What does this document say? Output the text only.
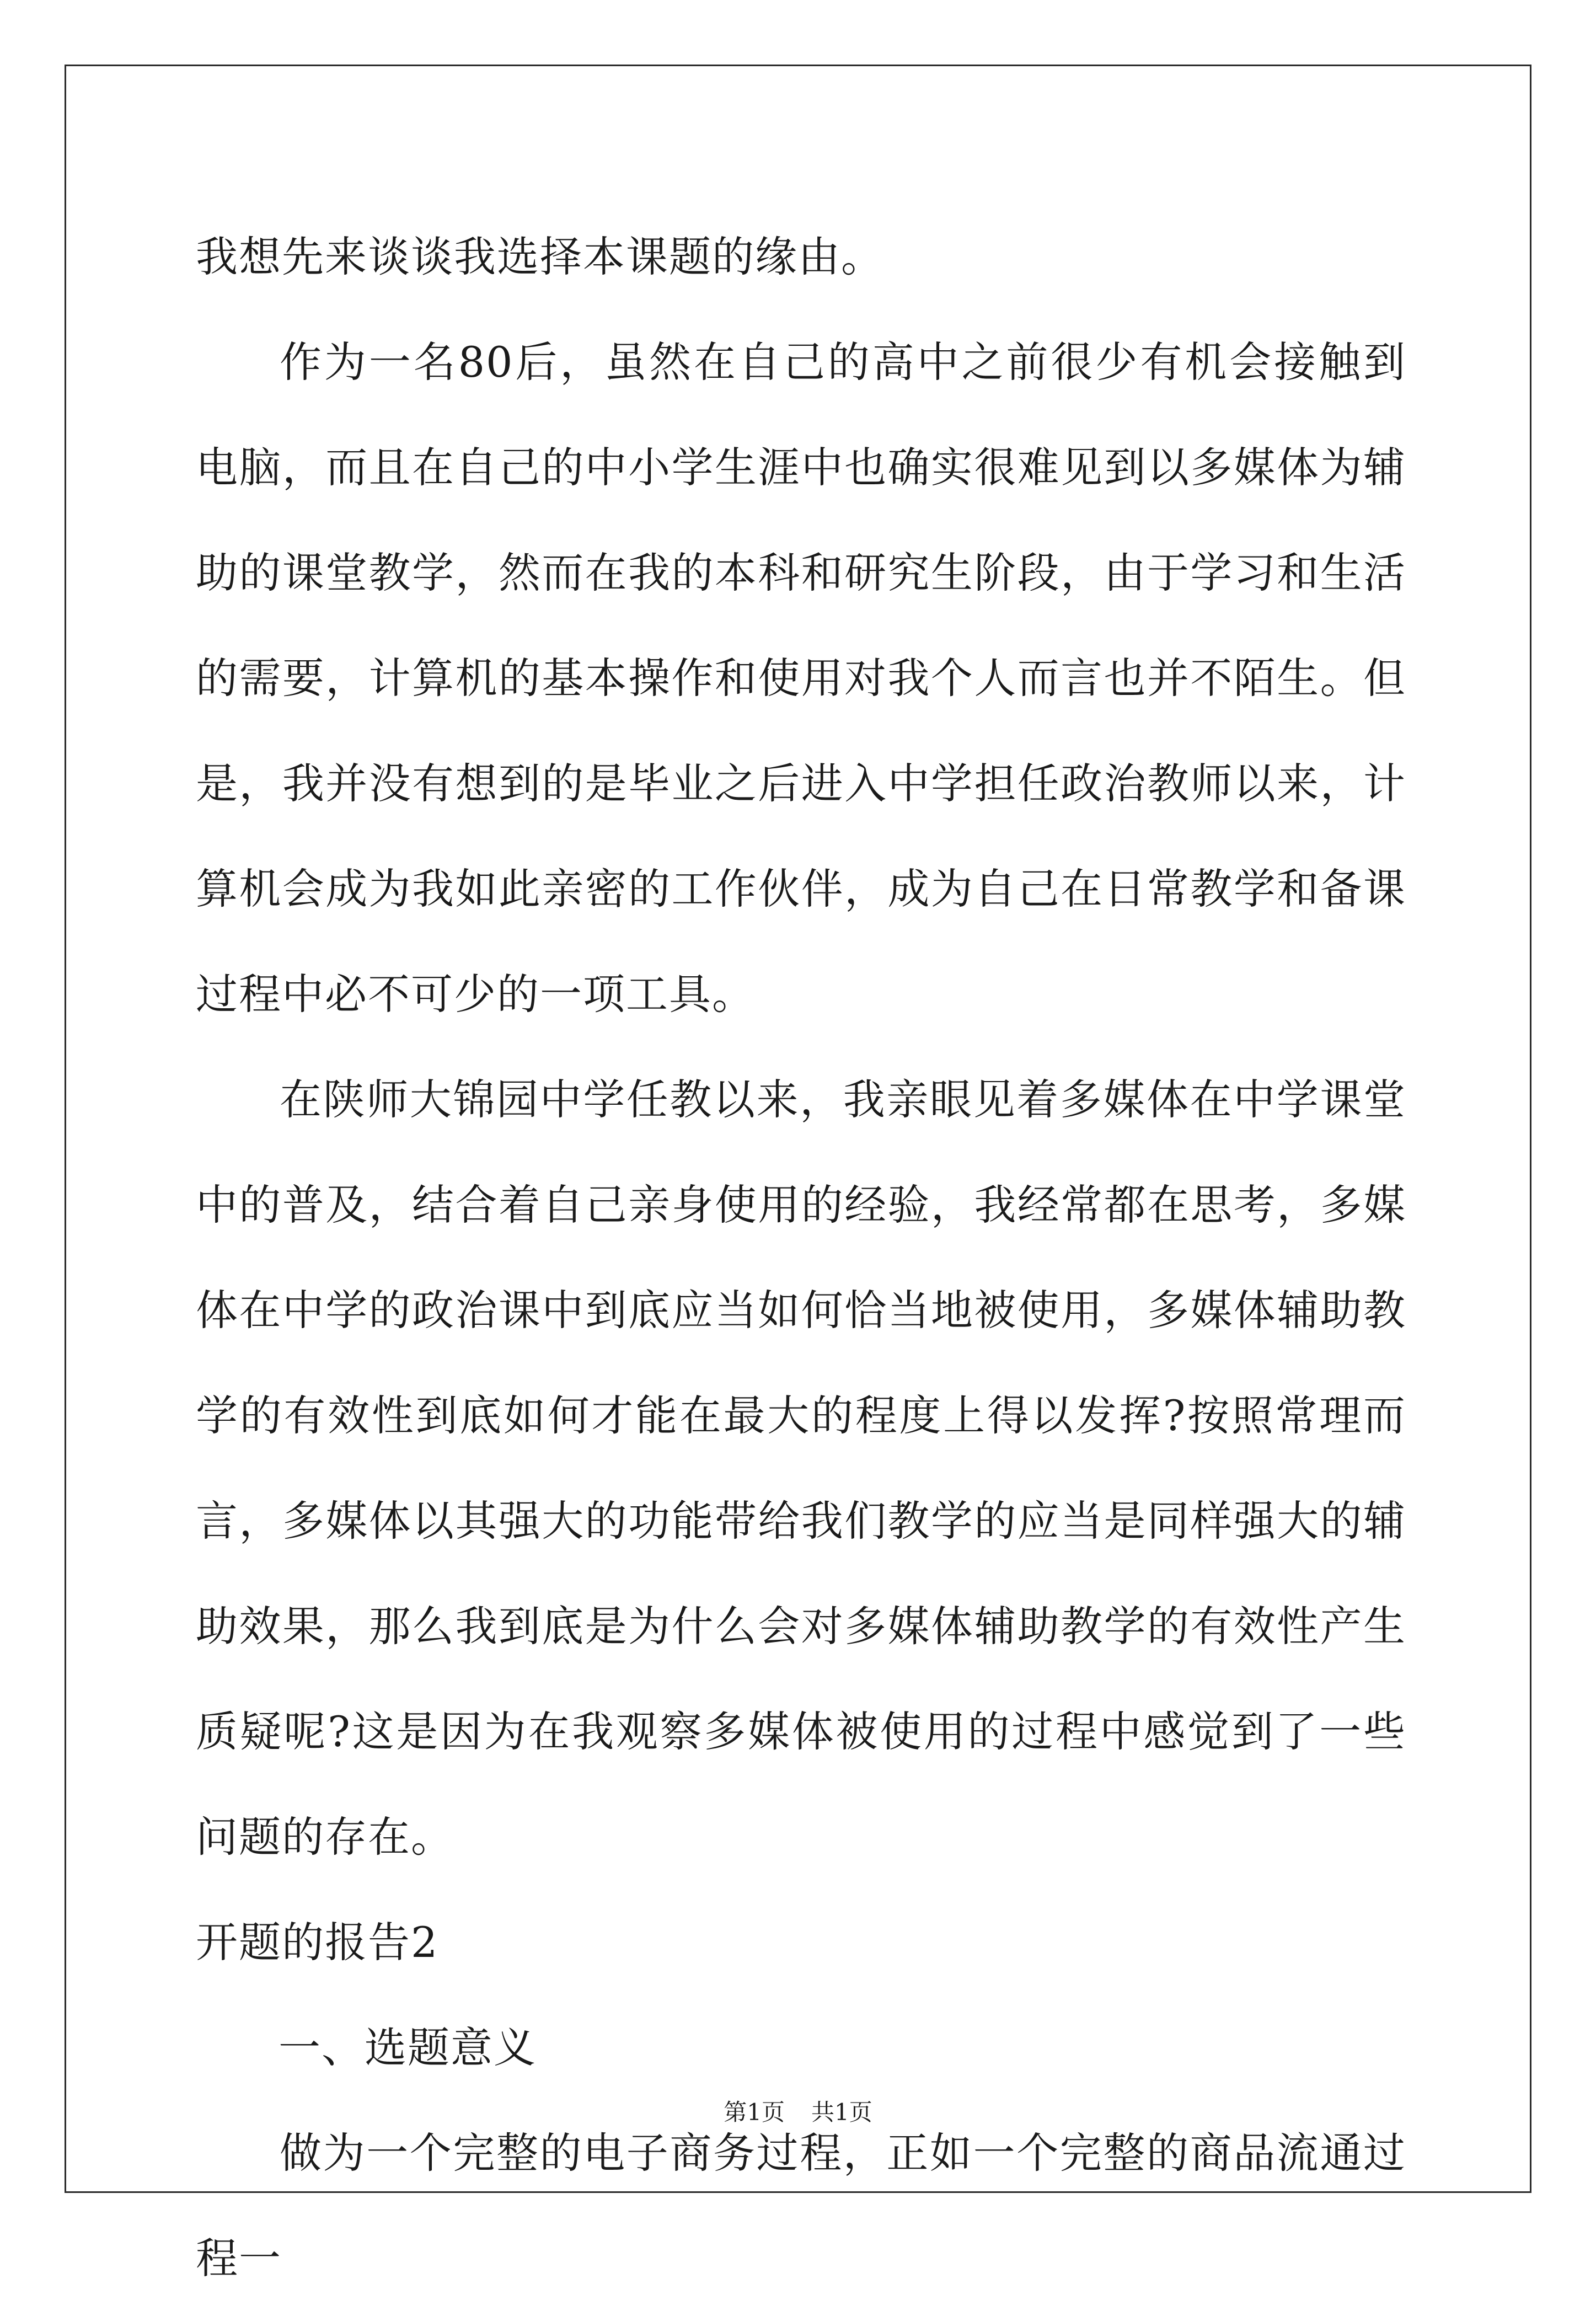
我想先来谈谈我选择本课题的缘由。

作为一名80后，虽然在自己的高中之前很少有机会接触到电脑，而且在自己的中小学生涯中也确实很难见到以多媒体为辅助的课堂教学，然而在我的本科和研究生阶段，由于学习和生活的需要，计算机的基本操作和使用对我个人而言也并不陌生。但是，我并没有想到的是毕业之后进入中学担任政治教师以来，计算机会成为我如此亲密的工作伙伴，成为自己在日常教学和备课过程中必不可少的一项工具。

在陕师大锦园中学任教以来，我亲眼见着多媒体在中学课堂中的普及，结合着自己亲身使用的经验，我经常都在思考，多媒体在中学的政治课中到底应当如何恰当地被使用，多媒体辅助教学的有效性到底如何才能在最大的程度上得以发挥?按照常理而言，多媒体以其强大的功能带给我们教学的应当是同样强大的辅助效果，那么我到底是为什么会对多媒体辅助教学的有效性产生质疑呢?这是因为在我观察多媒体被使用的过程中感觉到了一些问题的存在。

开题的报告2

一、选题意义

做为一个完整的电子商务过程，正如一个完整的商品流通过程一

第1页 共1页
